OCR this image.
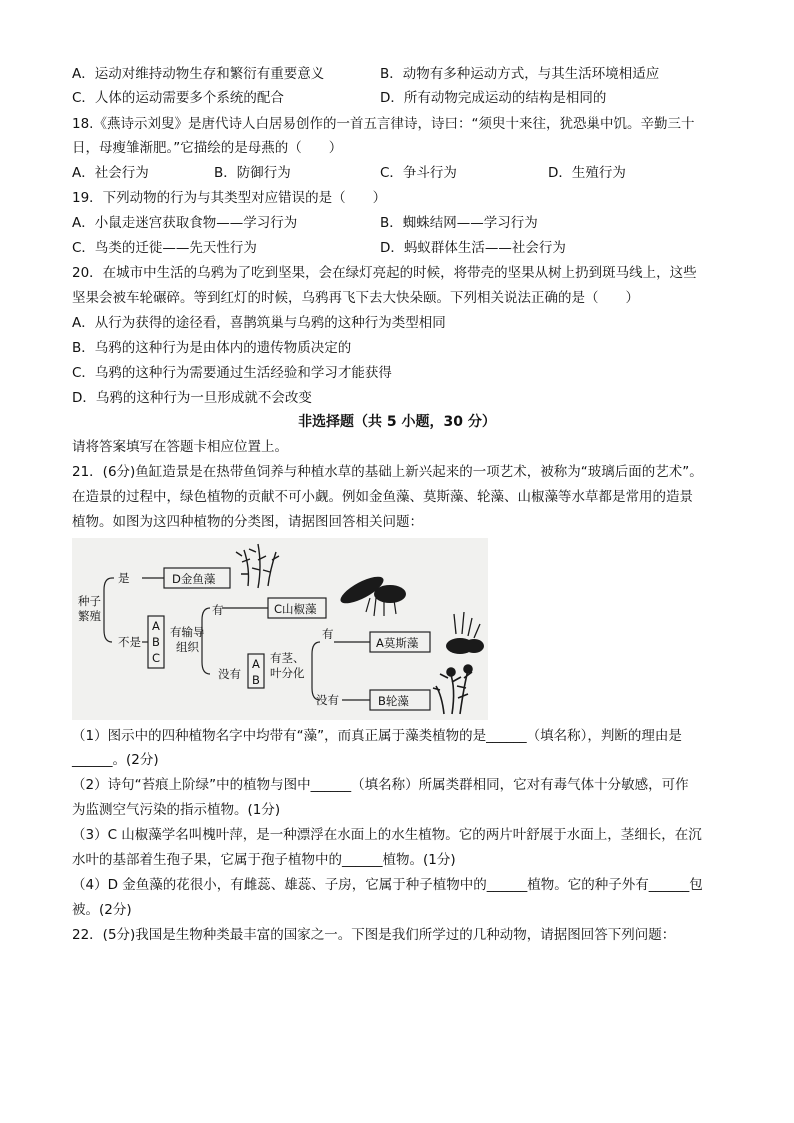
A．运动对维持动物生存和繁衍有重要意义	B．动物有多种运动方式，与其生活环境相适应
C．人体的运动需要多个系统的配合	D．所有动物完成运动的结构是相同的
18.《燕诗示刘叟》是唐代诗人白居易创作的一首五言律诗，诗曰：“须臾十来往，犹恐巢中饥。辛勤三十
日，母瘦雏渐肥。”它描绘的是母燕的（　　）
A．社会行为	B．防御行为	C．争斗行为	D．生殖行为
19．下列动物的行为与其类型对应错误的是（　　）
A．小鼠走迷宫获取食物——学习行为	B．蜘蛛结网——学习行为
C．鸟类的迁徙——先天性行为	D．蚂蚁群体生活——社会行为
20．在城市中生活的乌鸦为了吃到坚果，会在绿灯亮起的时候，将带壳的坚果从树上扔到斑马线上，这些
坚果会被车轮碾碎。等到红灯的时候，乌鸦再飞下去大快朵颐。下列相关说法正确的是（　　）
A．从行为获得的途径看，喜鹊筑巢与乌鸦的这种行为类型相同
B．乌鸦的这种行为是由体内的遗传物质决定的
C．乌鸦的这种行为需要通过生活经验和学习才能获得
D．乌鸦的这种行为一旦形成就不会改变
非选择题（共 5 小题，30 分）
请将答案填写在答题卡相应位置上。
21．(6分)鱼缸造景是在热带鱼饲养与种植水草的基础上新兴起来的一项艺术，被称为“玻璃后面的艺术”。
在造景的过程中，绿色植物的贡献不可小觑。例如金鱼藻、莫斯藻、轮藻、山椒藻等水草都是常用的造景
植物。如图为这四种植物的分类图，请据图回答相关问题：
种子
繁殖
是	D金鱼藻
不是
A
B
C
有输导
组织
有	C山椒藻
没有
A
B
有茎、
叶分化
有
A莫斯藻
没有	B轮藻
（1）图示中的四种植物名字中均带有“藻”，而真正属于藻类植物的是______（填名称），判断的理由是
______。(2分)
（2）诗句“苔痕上阶绿”中的植物与图中______（填名称）所属类群相同，它对有毒气体十分敏感，可作
为监测空气污染的指示植物。(1分)
（3）C 山椒藻学名叫槐叶萍，是一种漂浮在水面上的水生植物。它的两片叶舒展于水面上，茎细长，在沉
水叶的基部着生孢子果，它属于孢子植物中的______植物。(1分)
（4）D 金鱼藻的花很小，有雌蕊、雄蕊、子房，它属于种子植物中的______植物。它的种子外有______包
被。(2分)
22．(5分)我国是生物种类最丰富的国家之一。下图是我们所学过的几种动物，请据图回答下列问题：
